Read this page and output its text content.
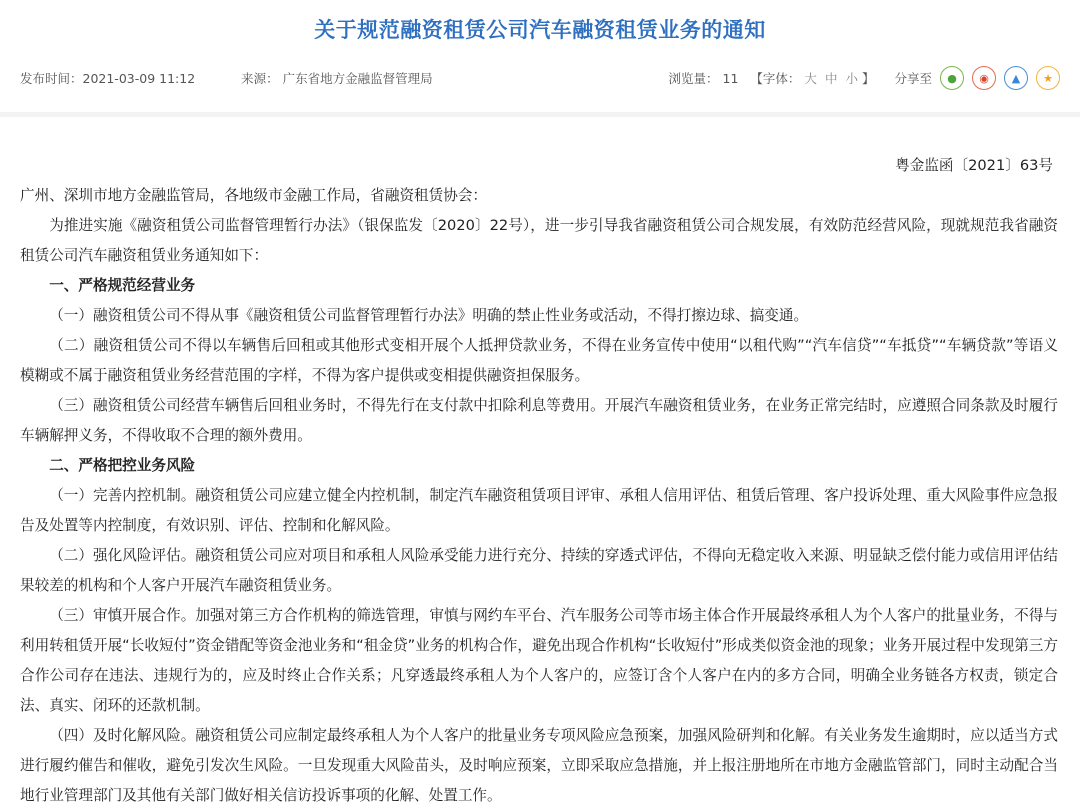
关于规范融资租赁公司汽车融资租赁业务的通知
发布时间：2021-03-09 11:12	来源： 广东省地方金融监督管理局	浏览量： 11 【字体： 大 中 小 】 分享至	●	◉	▲	★

粤金监函〔2021〕63号

广州、深圳市地方金融监管局，各地级市金融工作局，省融资租赁协会：

为推进实施《融资租赁公司监督管理暂行办法》（银保监发〔2020〕22号），进一步引导我省融资租赁公司合规发展，有效防范经营风险，现就规范我省融资租赁公司汽车融资租赁业务通知如下：

一、严格规范经营业务

（一）融资租赁公司不得从事《融资租赁公司监督管理暂行办法》明确的禁止性业务或活动，不得打擦边球、搞变通。

（二）融资租赁公司不得以车辆售后回租或其他形式变相开展个人抵押贷款业务，不得在业务宣传中使用“以租代购”“汽车信贷”“车抵贷”“车辆贷款”等语义模糊或不属于融资租赁业务经营范围的字样，不得为客户提供或变相提供融资担保服务。

（三）融资租赁公司经营车辆售后回租业务时，不得先行在支付款中扣除利息等费用。开展汽车融资租赁业务，在业务正常完结时，应遵照合同条款及时履行车辆解押义务，不得收取不合理的额外费用。

二、严格把控业务风险

（一）完善内控机制。融资租赁公司应建立健全内控机制，制定汽车融资租赁项目评审、承租人信用评估、租赁后管理、客户投诉处理、重大风险事件应急报告及处置等内控制度，有效识别、评估、控制和化解风险。

（二）强化风险评估。融资租赁公司应对项目和承租人风险承受能力进行充分、持续的穿透式评估，不得向无稳定收入来源、明显缺乏偿付能力或信用评估结果较差的机构和个人客户开展汽车融资租赁业务。

（三）审慎开展合作。加强对第三方合作机构的筛选管理，审慎与网约车平台、汽车服务公司等市场主体合作开展最终承租人为个人客户的批量业务，不得与利用转租赁开展“长收短付”资金错配等资金池业务和“租金贷”业务的机构合作，避免出现合作机构“长收短付”形成类似资金池的现象；业务开展过程中发现第三方合作公司存在违法、违规行为的，应及时终止合作关系；凡穿透最终承租人为个人客户的，应签订含个人客户在内的多方合同，明确全业务链各方权责，锁定合法、真实、闭环的还款机制。

（四）及时化解风险。融资租赁公司应制定最终承租人为个人客户的批量业务专项风险应急预案，加强风险研判和化解。有关业务发生逾期时，应以适当方式进行履约催告和催收，避免引发次生风险。一旦发现重大风险苗头，及时响应预案，立即采取应急措施，并上报注册地所在市地方金融监管部门，同时主动配合当地行业管理部门及其他有关部门做好相关信访投诉事项的化解、处置工作。
